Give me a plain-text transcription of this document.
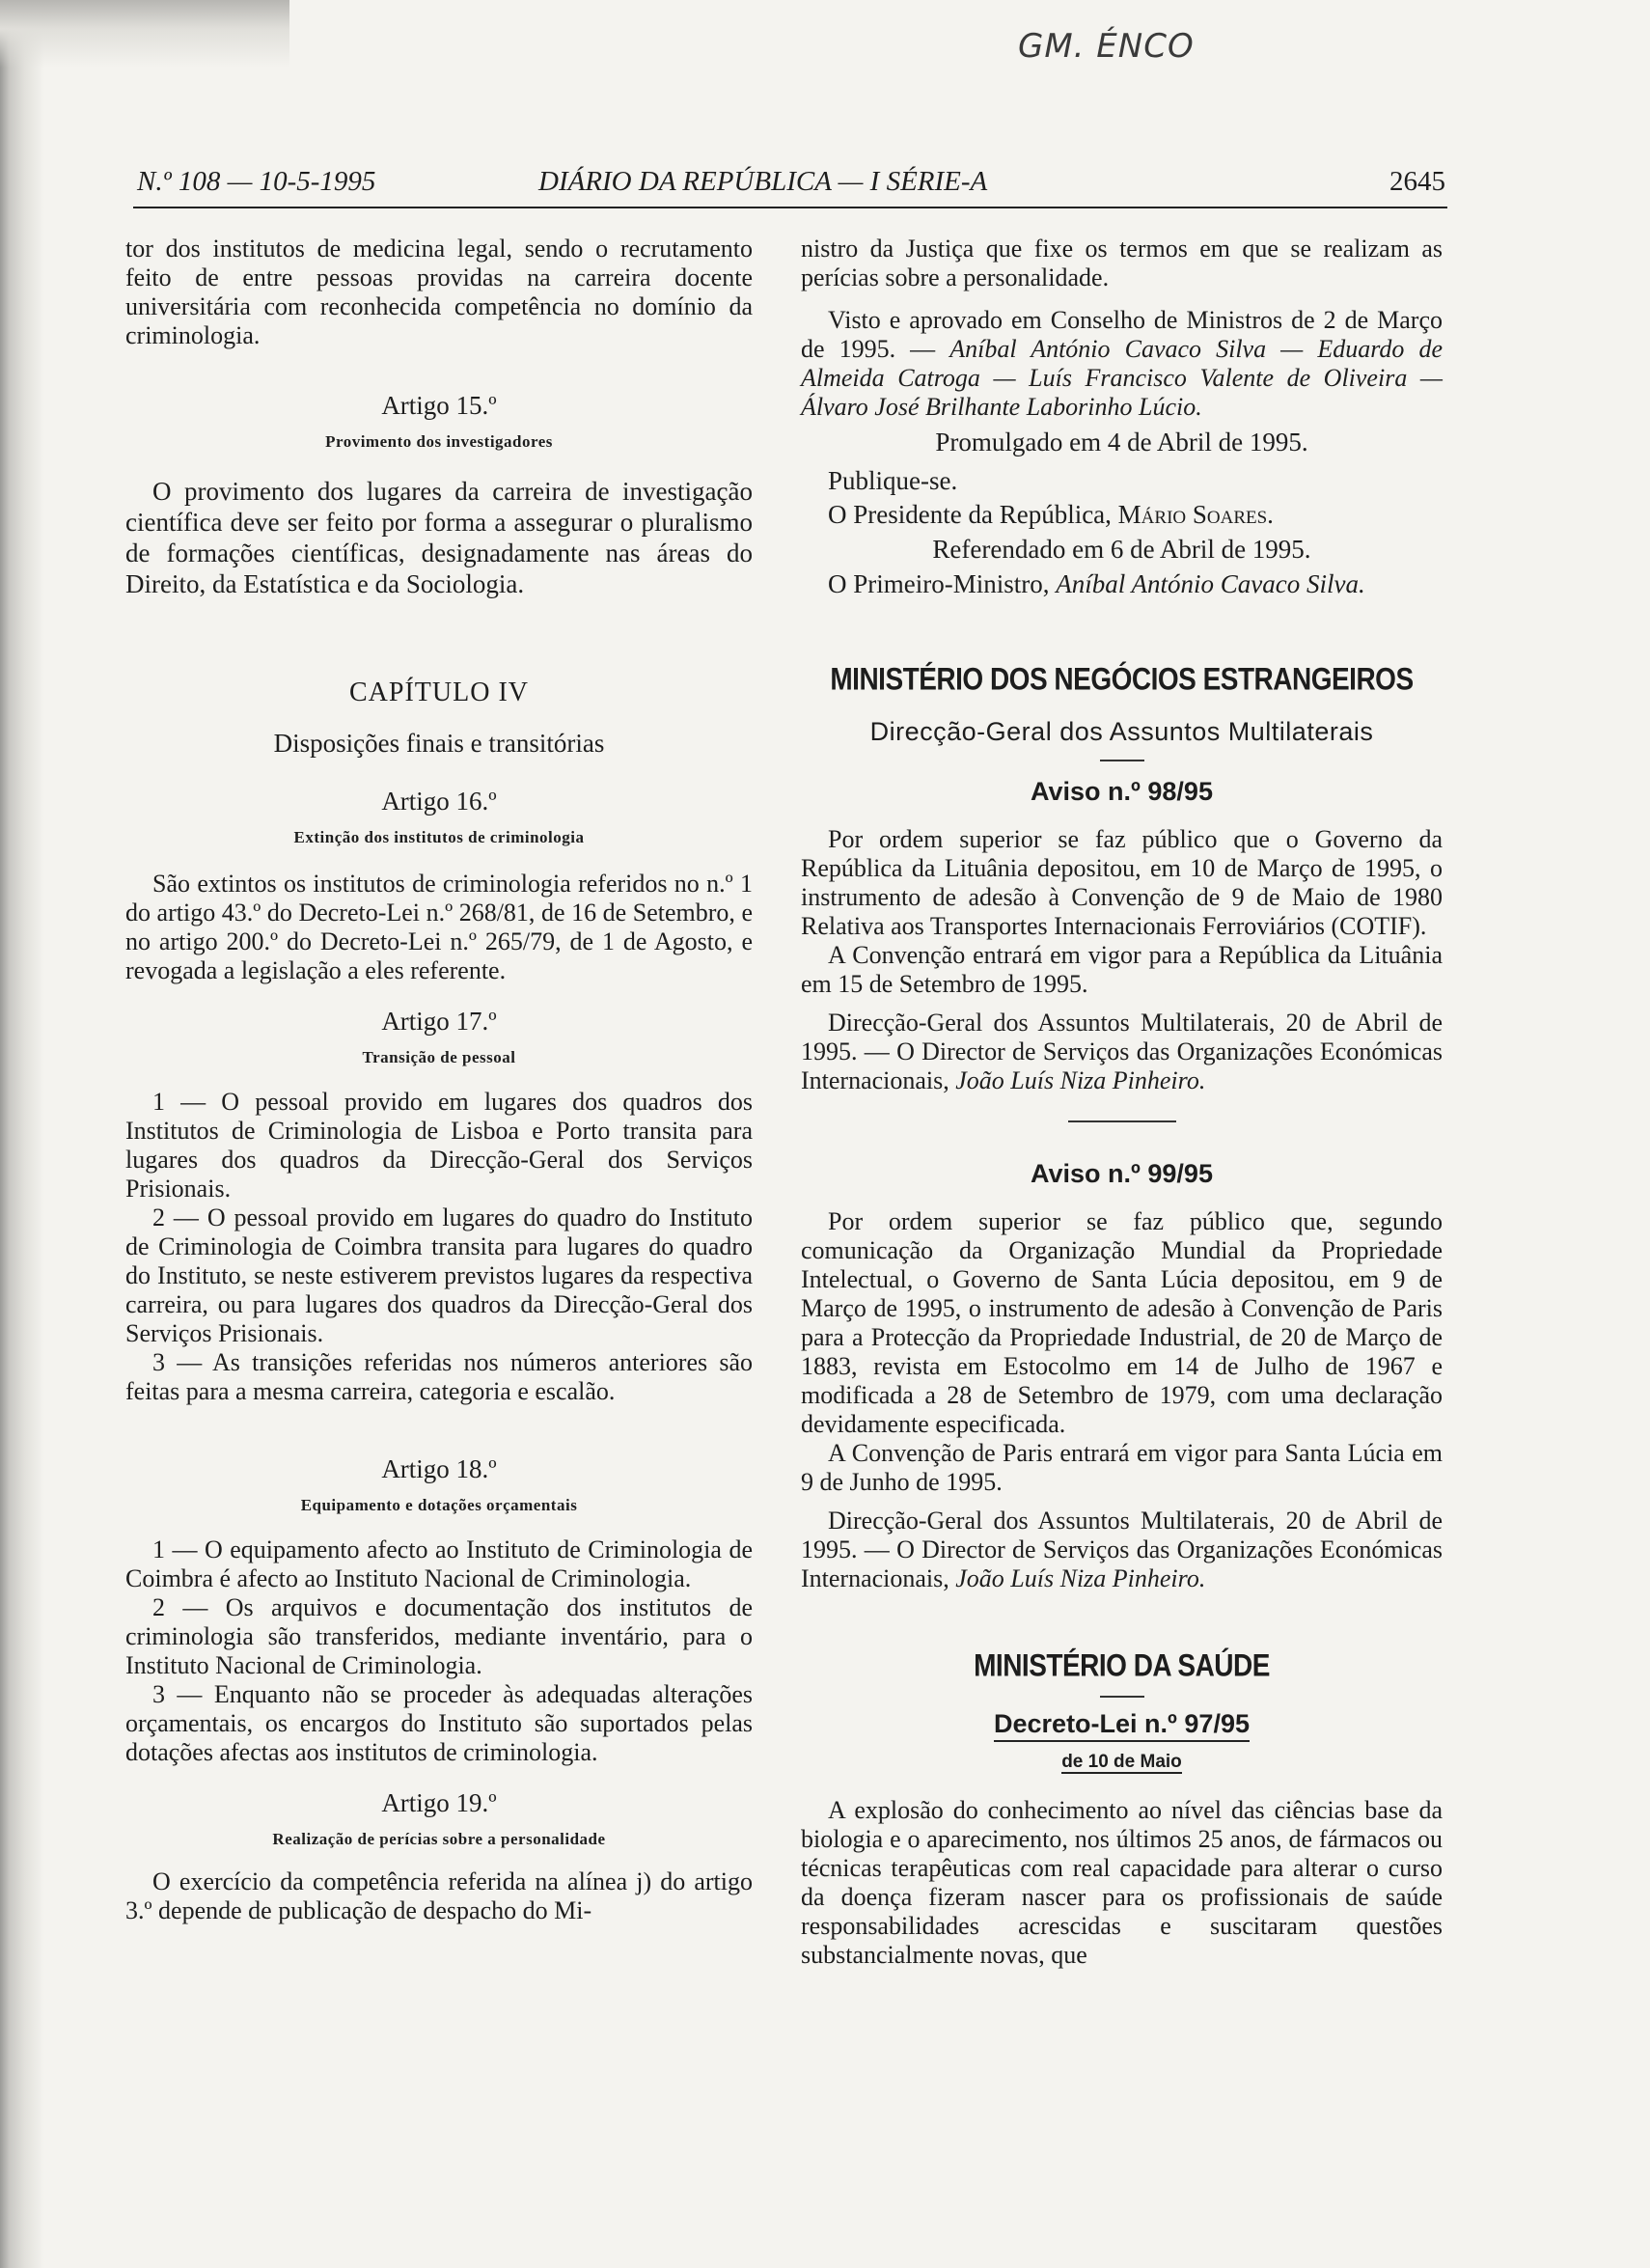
GM. ÉNCO
N.º 108 — 10-5-1995	DIÁRIO DA REPÚBLICA — I SÉRIE-A	2645

tor dos institutos de medicina legal, sendo o recrutamento feito de entre pessoas providas na carreira docente universitária com reconhecida competência no domínio da criminologia.

Artigo 15.º
Provimento dos investigadores

O provimento dos lugares da carreira de investigação científica deve ser feito por forma a assegurar o pluralismo de formações científicas, designadamente nas áreas do Direito, da Estatística e da Sociologia.

CAPÍTULO IV
Disposições finais e transitórias
Artigo 16.º
Extinção dos institutos de criminologia

São extintos os institutos de criminologia referidos no n.º 1 do artigo 43.º do Decreto-Lei n.º 268/81, de 16 de Setembro, e no artigo 200.º do Decreto-Lei n.º 265/79, de 1 de Agosto, e revogada a legislação a eles referente.

Artigo 17.º
Transição de pessoal

1 — O pessoal provido em lugares dos quadros dos Institutos de Criminologia de Lisboa e Porto transita para lugares dos quadros da Direcção-Geral dos Serviços Prisionais.

2 — O pessoal provido em lugares do quadro do Instituto de Criminologia de Coimbra transita para lugares do quadro do Instituto, se neste estiverem previstos lugares da respectiva carreira, ou para lugares dos quadros da Direcção-Geral dos Serviços Prisionais.

3 — As transições referidas nos números anteriores são feitas para a mesma carreira, categoria e escalão.

Artigo 18.º
Equipamento e dotações orçamentais

1 — O equipamento afecto ao Instituto de Criminologia de Coimbra é afecto ao Instituto Nacional de Criminologia.

2 — Os arquivos e documentação dos institutos de criminologia são transferidos, mediante inventário, para o Instituto Nacional de Criminologia.

3 — Enquanto não se proceder às adequadas alterações orçamentais, os encargos do Instituto são suportados pelas dotações afectas aos institutos de criminologia.

Artigo 19.º
Realização de perícias sobre a personalidade

O exercício da competência referida na alínea j) do artigo 3.º depende de publicação de despacho do Mi-

nistro da Justiça que fixe os termos em que se realizam as perícias sobre a personalidade.

Visto e aprovado em Conselho de Ministros de 2 de Março de 1995. — Aníbal António Cavaco Silva — Eduardo de Almeida Catroga — Luís Francisco Valente de Oliveira — Álvaro José Brilhante Laborinho Lúcio.

Promulgado em 4 de Abril de 1995.

Publique-se.

O Presidente da República, Mário Soares.

Referendado em 6 de Abril de 1995.

O Primeiro-Ministro, Aníbal António Cavaco Silva.

MINISTÉRIO DOS NEGÓCIOS ESTRANGEIROS
Direcção-Geral dos Assuntos Multilaterais
Aviso n.º 98/95

Por ordem superior se faz público que o Governo da República da Lituânia depositou, em 10 de Março de 1995, o instrumento de adesão à Convenção de 9 de Maio de 1980 Relativa aos Transportes Internacionais Ferroviários (COTIF).

A Convenção entrará em vigor para a República da Lituânia em 15 de Setembro de 1995.

Direcção-Geral dos Assuntos Multilaterais, 20 de Abril de 1995. — O Director de Serviços das Organizações Económicas Internacionais, João Luís Niza Pinheiro.

Aviso n.º 99/95

Por ordem superior se faz público que, segundo comunicação da Organização Mundial da Propriedade Intelectual, o Governo de Santa Lúcia depositou, em 9 de Março de 1995, o instrumento de adesão à Convenção de Paris para a Protecção da Propriedade Industrial, de 20 de Março de 1883, revista em Estocolmo em 14 de Julho de 1967 e modificada a 28 de Setembro de 1979, com uma declaração devidamente especificada.

A Convenção de Paris entrará em vigor para Santa Lúcia em 9 de Junho de 1995.

Direcção-Geral dos Assuntos Multilaterais, 20 de Abril de 1995. — O Director de Serviços das Organizações Económicas Internacionais, João Luís Niza Pinheiro.

MINISTÉRIO DA SAÚDE
Decreto-Lei n.º 97/95
de 10 de Maio

A explosão do conhecimento ao nível das ciências base da biologia e o aparecimento, nos últimos 25 anos, de fármacos ou técnicas terapêuticas com real capacidade para alterar o curso da doença fizeram nascer para os profissionais de saúde responsabilidades acrescidas e suscitaram questões substancialmente novas, que
